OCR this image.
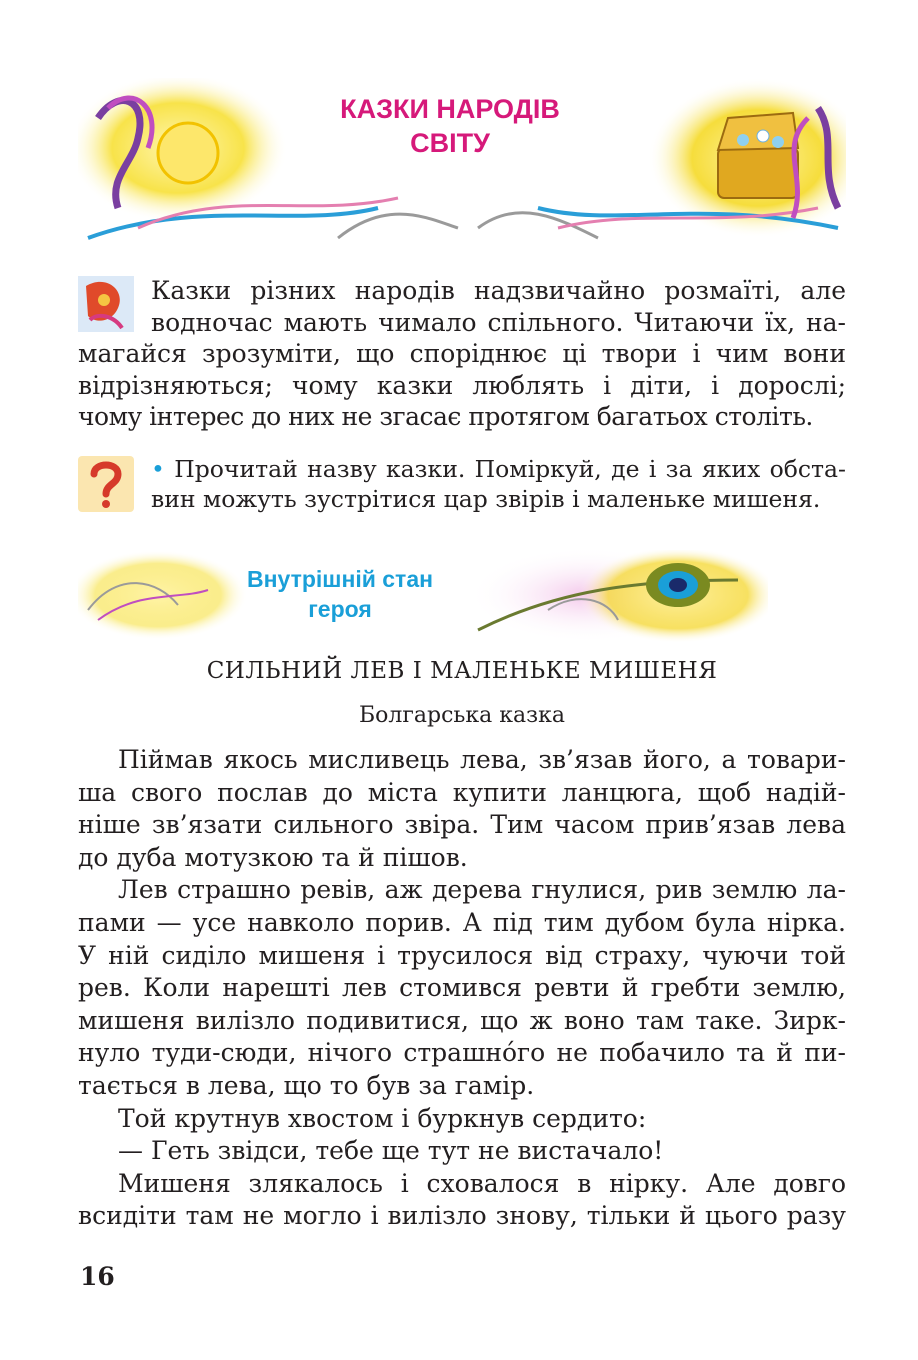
КАЗКИ НАРОДІВ
СВІТУ
Казки різних народів надзвичайно розмаїті, але
водночас мають чимало спільного. Читаючи їх, на-
магайся зрозуміти, що споріднює ці твори і чим вони
відрізняються; чому казки люблять і діти, і дорослі;
чому інтерес до них не згасає протягом багатьох століть.
• Прочитай назву казки. Поміркуй, де і за яких обста-
вин можуть зустрітися цар звірів і маленьке мишеня.
Внутрішній стан
героя
СИЛЬНИЙ ЛЕВ І МАЛЕНЬКЕ МИШЕНЯ
Болгарська казка
Піймав якось мисливець лева, зв’язав його, а товари-
ша свого послав до міста купити ланцюга, щоб надій-
ніше зв’язати сильного звіра. Тим часом прив’язав лева
до дуба мотузкою та й пішов.
Лев страшно ревів, аж дерева гнулися, рив землю ла-
пами — усе навколо порив. А під тим дубом була нірка.
У ній сиділо мишеня і трусилося від страху, чуючи той
рев. Коли нарешті лев стомився ревти й гребти землю,
мишеня вилізло подивитися, що ж воно там таке. Зирк-
нуло туди-сюди, нічого страшно́го не побачило та й пи-
тається в лева, що то був за гамір.
Той крутнув хвостом і буркнув сердито:
— Геть звідси, тебе ще тут не вистачало!
Мишеня злякалось і сховалося в нірку. Але довго
всидіти там не могло і вилізло знову, тільки й цього разу
16
